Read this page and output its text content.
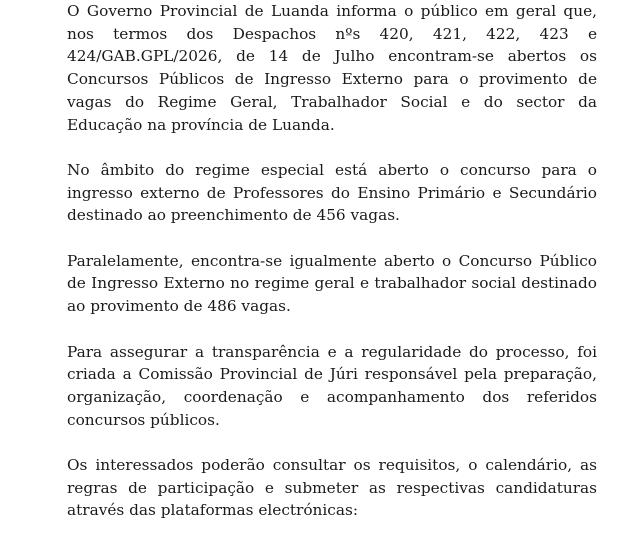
O Governo Provincial de Luanda informa o público em geral que, nos termos dos Despachos nºs 420, 421, 422, 423 e 424/GAB.GPL/2026, de 14 de Julho encontram-se abertos os Concursos Públicos de Ingresso Externo para o provimento de vagas do Regime Geral, Trabalhador Social e do sector da Educação na província de Luanda.

No âmbito do regime especial está aberto o concurso para o ingresso externo de Professores do Ensino Primário e Secundário destinado ao preenchimento de 456 vagas.

Paralelamente, encontra-se igualmente aberto o Concurso Público de Ingresso Externo no regime geral e trabalhador social destinado ao provimento de 486 vagas.

Para assegurar a transparência e a regularidade do processo, foi criada a Comissão Provincial de Júri responsável pela preparação, organização, coordenação e acompanhamento dos referidos concursos públicos.

Os interessados poderão consultar os requisitos, o calendário, as regras de participação e submeter as respectivas candidaturas através das plataformas electrónicas:
